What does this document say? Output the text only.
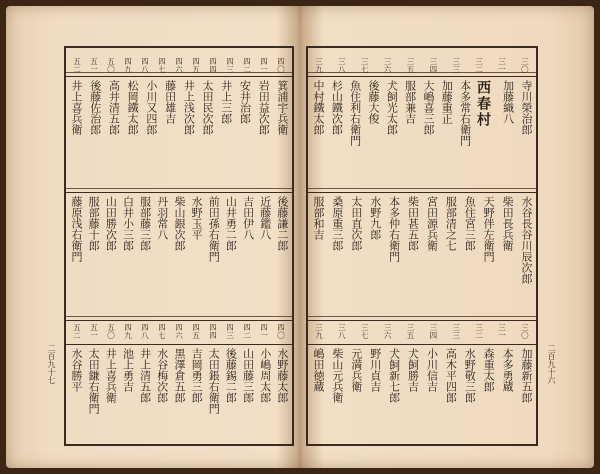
二百九十七
四〇
四一
四二
四三
四四
四五
四六
四七
四八
四九
五〇
五一
五二
箕浦宇兵衛
岩田益次郎
安井治郎
井上三郎
太田民次郎
井上浅次郎
藤田雄吉
小川又四郎
松岡鐵太郎
高井清五郎
後藤佐治郎
井上喜兵衛
後藤謙二郎
近藤鑑八
吉田伊八
山井勇二郎
前田孫右衛門
水野玉平
柴山銀次郎
丹羽常八
服部藤三郎
白井小三郎
山田勝次郎
服部藤十郎
藤原浅右衛門
四〇
四一
四二
四三
四四
四五
四六
四七
四八
四九
五〇
五一
五二
水野藤太郎
小嶋周太郎
山田藤三郎
後藤錫二郎
太田鋹右衛門
吉岡勇三郎
黒澤倉五郎
水谷梅次郎
井上清五郎
池上勇吉
井上喜兵衛
太田鎌右衛門
水谷勝平	二百九十六
三〇
三一
三二
三三
三四
三五
三六
三七
三八
三九
寺川榮治郎
加藤織八
西春村
本多常右衛門
加藤重正
大嶋喜三郎
服部兼吉
犬飼光太郎
後藤大俊
魚住利右衛門
杉山鐵次郎
中村鐵太郎
水谷長谷川辰次郎
柴田長兵衛
天野伴左衛門
魚住宮三郎
服部清之七
宮田源兵衛
柴田甚五郎
本多仲右衛門
水野九郎
太田直次郎
桑原重三郎
服部和吉
三〇
三一
三二
三三
三四
三五
三六
三七
三八
三九
加藤新五郎
本多勇蔵
森重太郎
水野敬三郎
高木平四郎
小川信吉
犬飼勝吉
犬飼新七郎
野川貞吉
元満兵衛
柴山元兵衛
嶋田徳蔵
